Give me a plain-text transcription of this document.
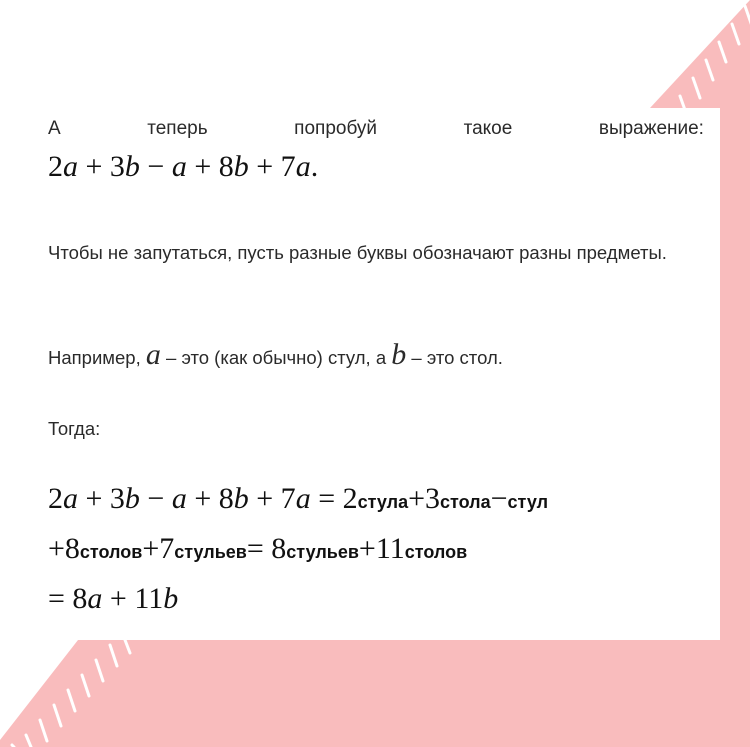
А	теперь	попробуй	такое	выражение:
2a + 3b − a + 8b + 7a.
Чтобы не запутаться, пусть разные буквы обозначают разны предметы.
Например, a – это (как обычно) стул, а b – это стол.
Тогда:
2a + 3b − a + 8b + 7a = 2стула+3стола−стул
+8столов+7стульев= 8стульев+11столов
= 8a + 11b
